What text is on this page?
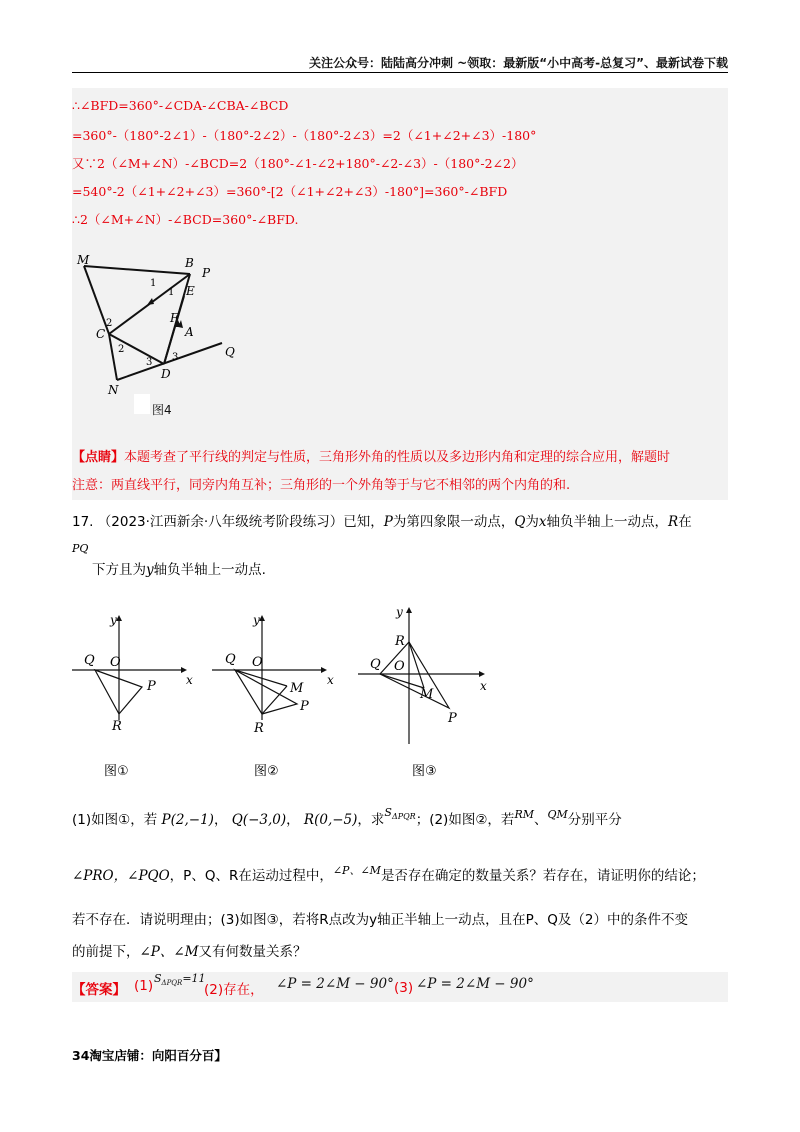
关注公众号：陆陆高分冲刺 ~领取：最新版“小中高考-总复习”、最新试卷下载
∴∠BFD=360°-∠CDA-∠CBA-∠BCD
=360°-（180°-2∠1）-（180°-2∠2）-（180°-2∠3）=2（∠1+∠2+∠3）-180°
又∵2（∠M+∠N）-∠BCD=2（180°-∠1-∠2+180°-∠2-∠3）-（180°-2∠2）
=540°-2（∠1+∠2+∠3）=360°-[2（∠1+∠2+∠3）-180°]=360°-∠BFD
∴2（∠M+∠N）-∠BCD=360°-∠BFD.
M	B
P
E
F
A
C
D
Q
N
1
1
2
2
3 3
图4
【点睛】本题考查了平行线的判定与性质，三角形外角的性质以及多边形内角和定理的综合应用，解题时
注意：两直线平行，同旁内角互补；三角形的一个外角等于与它不相邻的两个内角的和.
17. （2023·江西新余·八年级统考阶段练习）已知，P为第四象限一动点，Q为x轴负半轴上一动点，R在
PQ
下方且为y轴负半轴上一动点.
y
Q O
x
P
R
图①
y
Q O
x
M
P
R
图②
y
R
Q O
M
x
P
图③
(1)如图①，若 P(2,−1)， Q(−3,0)， R(0,−5)，求$^{S_{\Delta PQR}}$；(2)如图②，若$^{RM}$、$^{QM}$分别平分
∠PRO，∠PQO，P、Q、R在运动过程中，$^{\angle P、\angle M}$是否存在确定的数量关系？若存在，请证明你的结论；
若不存在．请说明理由；(3)如图③，若将R点改为y轴正半轴上一动点，且在P、Q及（2）中的条件不变
的前提下，∠P、∠M又有何数量关系？
【答案】 (1) $S_{\Delta PQR}=11$
(2)存在， ∠P = 2∠M − 90° (3) ∠P = 2∠M − 90°
34淘宝店铺：向阳百分百】
